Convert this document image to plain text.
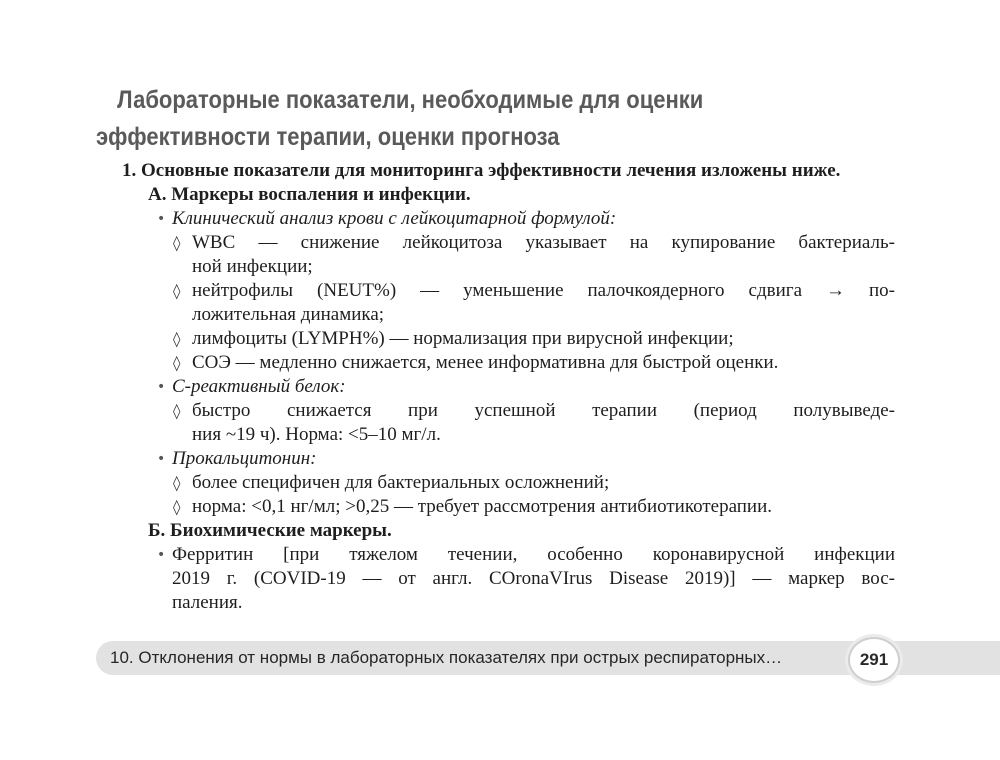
Лабораторные показатели, необходимые для оценки
эффективности терапии, оценки прогноза
1. Основные показатели для мониторинга эффективности лечения изложены ниже.
А. Маркеры воспаления и инфекции.
• Клинический анализ крови с лейкоцитарной формулой:
◊ WBC — снижение лейкоцитоза указывает на купирование бактериаль-
ной инфекции;
◊ нейтрофилы (NEUT%) — уменьшение палочкоядерного сдвига → по-
ложительная динамика;
◊ лимфоциты (LYMPH%) — нормализация при вирусной инфекции;
◊ СОЭ — медленно снижается, менее информативна для быстрой оценки.
• С-реактивный белок:
◊ быстро снижается при успешной терапии (период полувыведе-
ния ~19 ч). Норма: <5–10 мг/л.
• Прокальцитонин:
◊ более специфичен для бактериальных осложнений;
◊ норма: <0,1 нг/мл; >0,25 — требует рассмотрения антибиотикотерапии.
Б. Биохимические маркеры.
• Ферритин [при тяжелом течении, особенно коронавирусной инфекции
2019 г. (COVID-19 — от англ. COronaVIrus Disease 2019)] — маркер вос-
паления.
10. Отклонения от нормы в лабораторных показателях при острых респираторных…	291
